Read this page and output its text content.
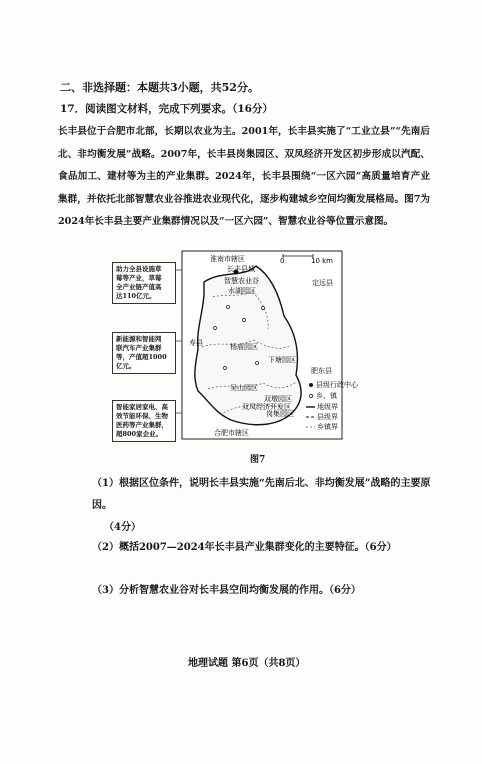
二、非选择题：本题共3小题，共52分。
17．阅读图文材料，完成下列要求。（16分）
长丰县位于合肥市北部，长期以农业为主。2001年，长丰县实施了“工业立县”“先南后北、非均衡发展”战略。2007年，长丰县岗集园区、双凤经济开发区初步形成以汽配、食品加工、建材等为主的产业集群。2024年，长丰县围绕“一区六园”高质量培育产业集群，并依托北部智慧农业谷推进农业现代化，逐步构建城乡空间均衡发展格局。图7为2024年长丰县主要产业集群情况以及“一区六园”、智慧农业谷等位置示意图。
0	10 km
淮南市辖区
合肥市辖区
寿县
定远县
肥东县
长丰县城
智慧农业谷
水湖园区
杨庙园区
下塘园区
吴山园区
双墩园区
岗集园区
双凤经济开发区
县级行政中心
乡、镇
地级界
县级界
乡镇界
助力全县设施草
莓等产业，草莓
全产业链产值高
达110亿元。
新能源和智能网
联汽车产业集群
等，产值超1000
亿元。
智能家居家电、高
效节能环保、生物
医药等产业集群，
超800家企业。
图7
（1）根据区位条件，说明长丰县实施“先南后北、非均衡发展”战略的主要原因。
（4分）
（2）概括2007—2024年长丰县产业集群变化的主要特征。（6分）
（3）分析智慧农业谷对长丰县空间均衡发展的作用。（6分）
地理试题 第6页（共8页）
